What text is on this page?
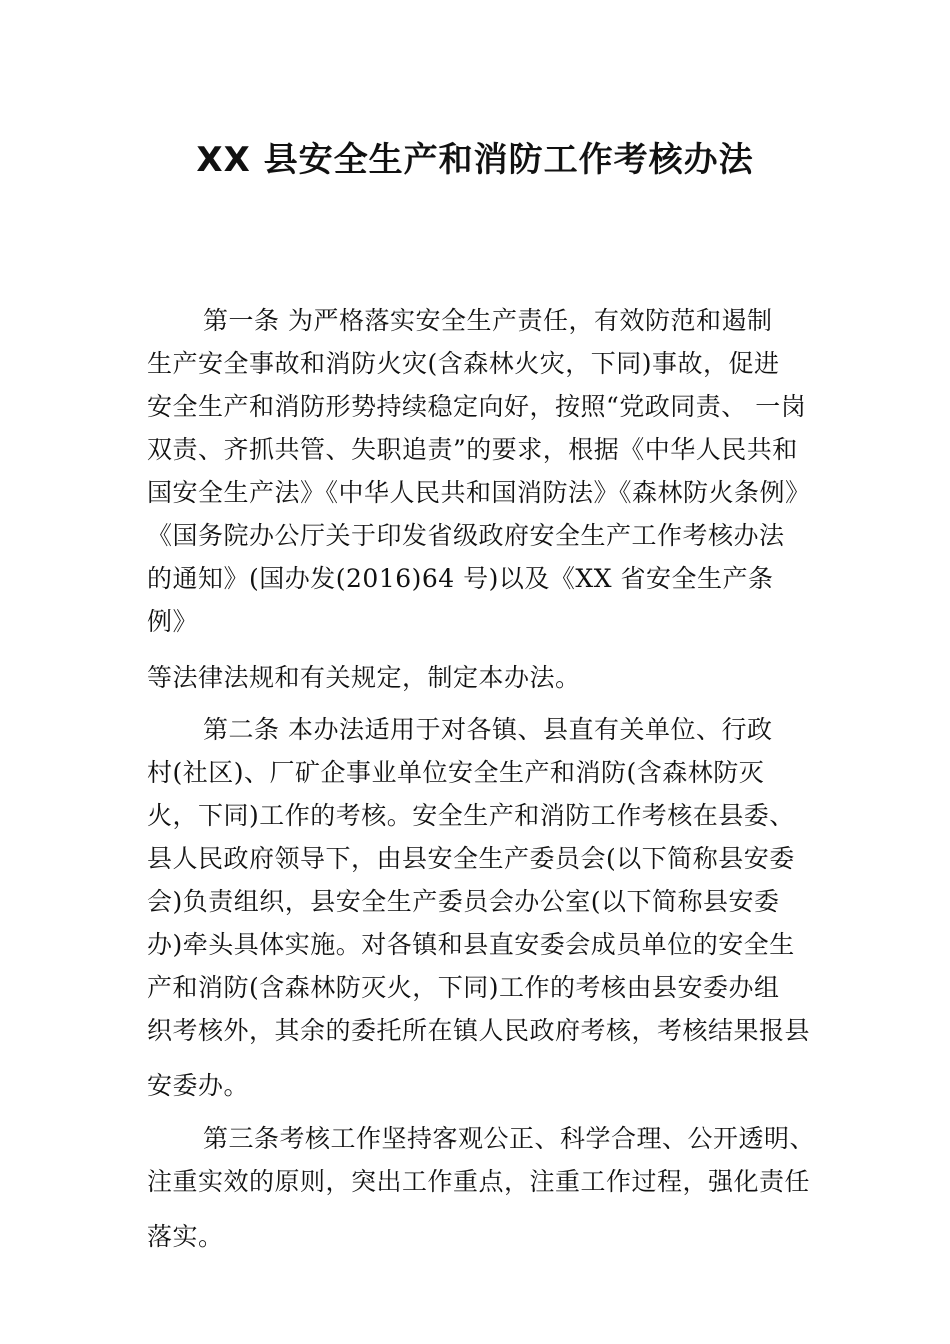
XX 县安全生产和消防工作考核办法
第一条 为严格落实安全生产责任，有效防范和遏制
生产安全事故和消防火灾(含森林火灾，下同)事故，促进
安全生产和消防形势持续稳定向好，按照“党政同责、 一岗
双责、齐抓共管、失职追责”的要求，根据《中华人民共和
国安全生产法》《中华人民共和国消防法》《森林防火条例》
《国务院办公厅关于印发省级政府安全生产工作考核办法
的通知》(国办发(2016)64 号)以及《XX 省安全生产条
例》
等法律法规和有关规定，制定本办法。
第二条 本办法适用于对各镇、县直有关单位、行政
村(社区)、厂矿企事业单位安全生产和消防(含森林防灭
火，下同)工作的考核。安全生产和消防工作考核在县委、
县人民政府领导下，由县安全生产委员会(以下简称县安委
会)负责组织，县安全生产委员会办公室(以下简称县安委
办)牵头具体实施。对各镇和县直安委会成员单位的安全生
产和消防(含森林防灭火，下同)工作的考核由县安委办组
织考核外，其余的委托所在镇人民政府考核，考核结果报县
安委办。
第三条考核工作坚持客观公正、科学合理、公开透明、
注重实效的原则，突出工作重点，注重工作过程，强化责任
落实。
